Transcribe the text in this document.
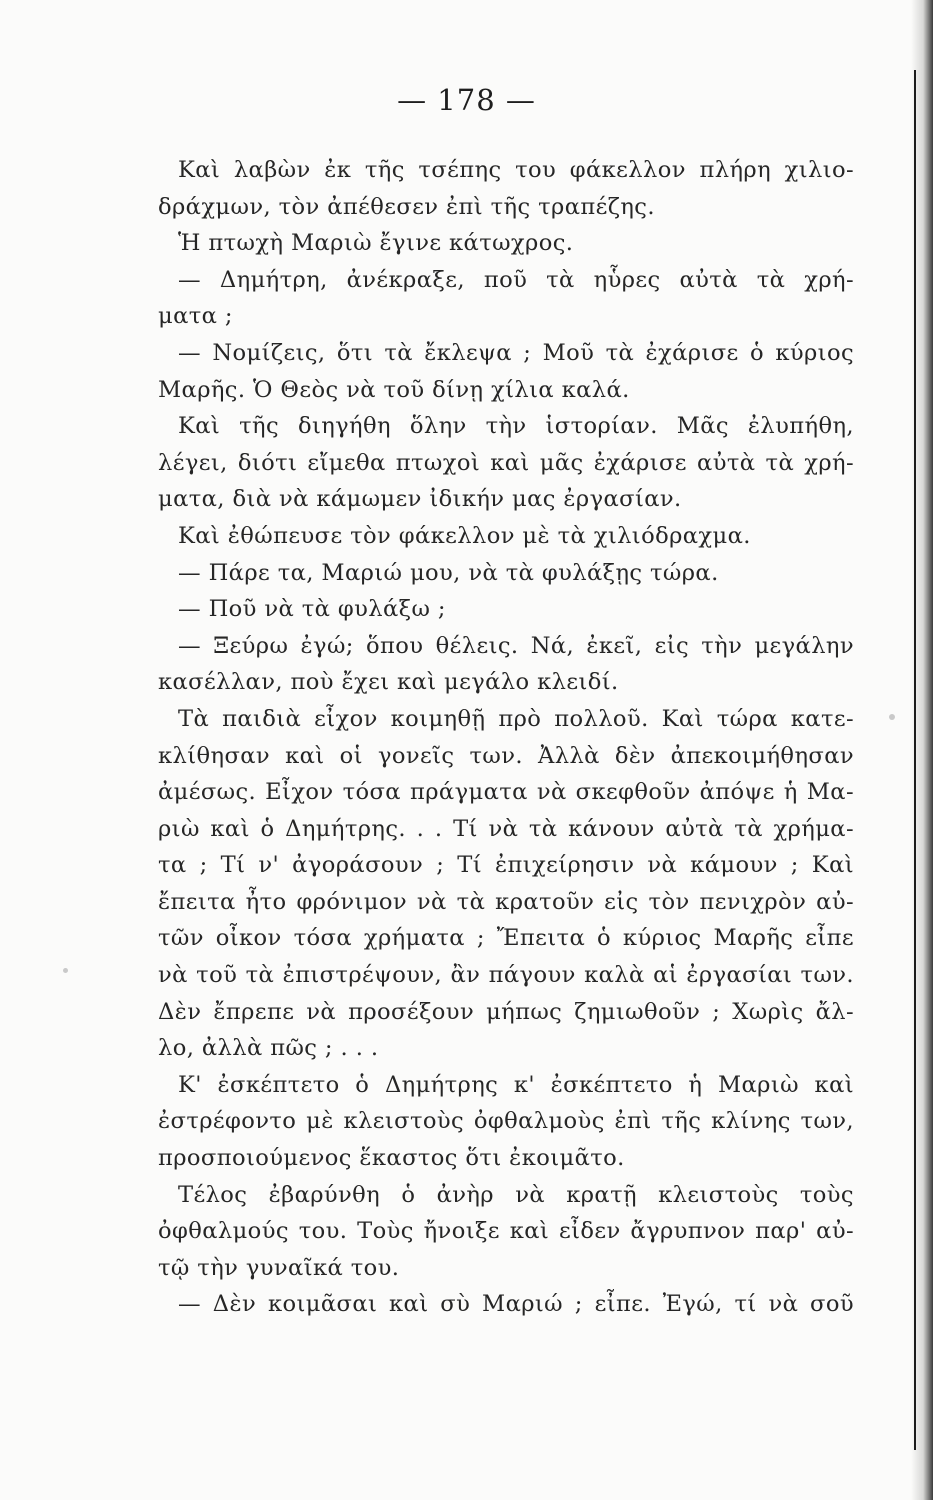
— 178 —
Καὶ λαβὼν ἐκ τῆς τσέπης του φάκελλον πλήρη χιλιο-
δράχμων, τὸν ἀπέθεσεν ἐπὶ τῆς τραπέζης.
Ἡ πτωχὴ Μαριὼ ἔγινε κάτωχρος.
— Δημήτρη, ἀνέκραξε, ποῦ τὰ ηὗρες αὐτὰ τὰ χρή-
ματα ;
— Νομίζεις, ὅτι τὰ ἔκλεψα ; Μοῦ τὰ ἐχάρισε ὁ κύριος
Μαρῆς. Ὁ Θεὸς νὰ τοῦ δίνῃ χίλια καλά.
Καὶ τῆς διηγήθη ὅλην τὴν ἱστορίαν. Μᾶς ἐλυπήθη,
λέγει, διότι εἴμεθα πτωχοὶ καὶ μᾶς ἐχάρισε αὐτὰ τὰ χρή-
ματα, διὰ νὰ κάμωμεν ἰδικήν μας ἐργασίαν.
Καὶ ἐθώπευσε τὸν φάκελλον μὲ τὰ χιλιόδραχμα.
— Πάρε τα, Μαριώ μου, νὰ τὰ φυλάξῃς τώρα.
— Ποῦ νὰ τὰ φυλάξω ;
— Ξεύρω ἐγώ; ὅπου θέλεις. Νά, ἐκεῖ, εἰς τὴν μεγάλην
κασέλλαν, ποὺ ἔχει καὶ μεγάλο κλειδί.
Τὰ παιδιὰ εἶχον κοιμηθῇ πρὸ πολλοῦ. Καὶ τώρα κατε-
κλίθησαν καὶ οἱ γονεῖς των. Ἀλλὰ δὲν ἀπεκοιμήθησαν
ἀμέσως. Εἶχον τόσα πράγματα νὰ σκεφθοῦν ἀπόψε ἡ Μα-
ριὼ καὶ ὁ Δημήτρης. . . Τί νὰ τὰ κάνουν αὐτὰ τὰ χρήμα-
τα ; Τί ν' ἀγοράσουν ; Τί ἐπιχείρησιν νὰ κάμουν ; Καὶ
ἔπειτα ἦτο φρόνιμον νὰ τὰ κρατοῦν εἰς τὸν πενιχρὸν αὐ-
τῶν οἶκον τόσα χρήματα ; Ἔπειτα ὁ κύριος Μαρῆς εἶπε
νὰ τοῦ τὰ ἐπιστρέψουν, ἂν πάγουν καλὰ αἱ ἐργασίαι των.
Δὲν ἔπρεπε νὰ προσέξουν μήπως ζημιωθοῦν ; Χωρὶς ἄλ-
λο, ἀλλὰ πῶς ; . . .
Κ' ἐσκέπτετο ὁ Δημήτρης κ' ἐσκέπτετο ἡ Μαριὼ καὶ
ἐστρέφοντο μὲ κλειστοὺς ὀφθαλμοὺς ἐπὶ τῆς κλίνης των,
προσποιούμενος ἕκαστος ὅτι ἐκοιμᾶτο.
Τέλος ἐβαρύνθη ὁ ἀνὴρ νὰ κρατῇ κλειστοὺς τοὺς
ὀφθαλμούς του. Τοὺς ἤνοιξε καὶ εἶδεν ἄγρυπνον παρ' αὐ-
τῷ τὴν γυναῖκά του.
— Δὲν κοιμᾶσαι καὶ σὺ Μαριώ ; εἶπε. Ἐγώ, τί νὰ σοῦ
